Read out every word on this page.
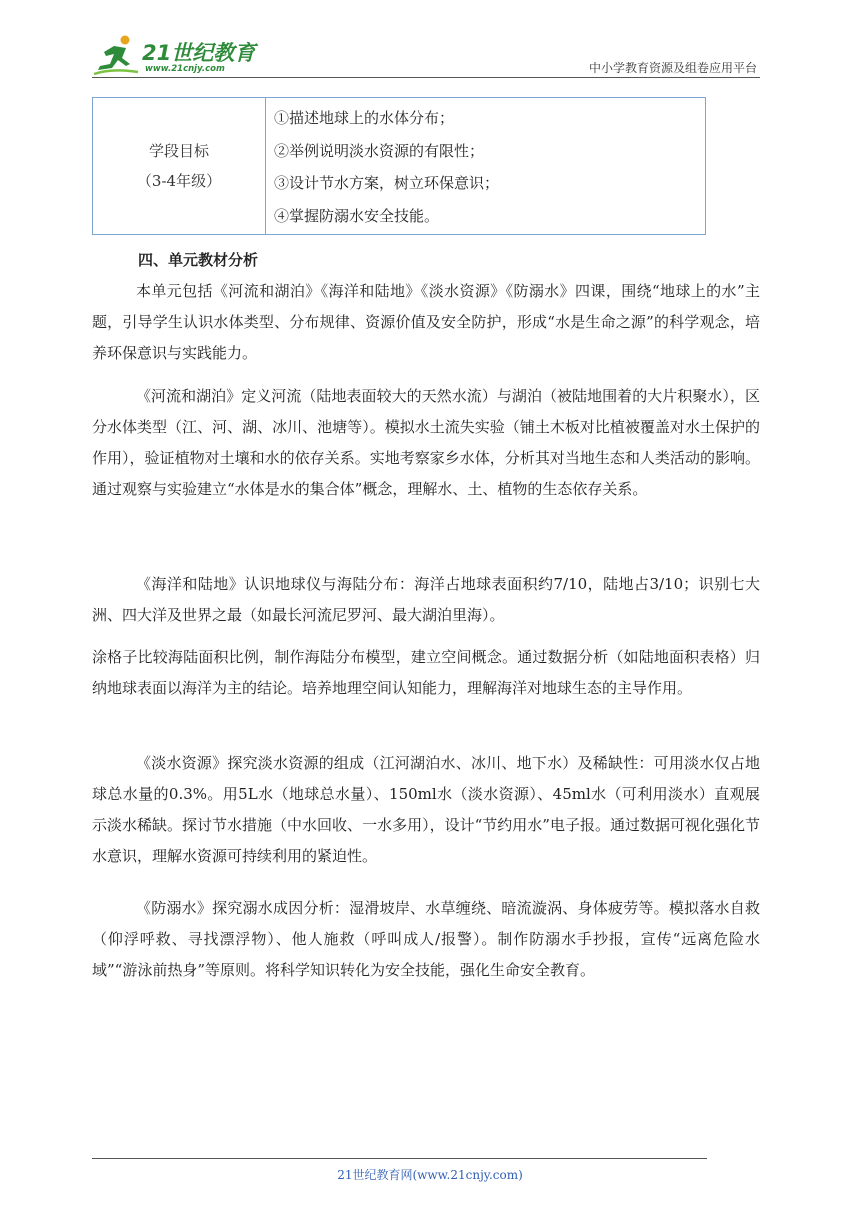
21世纪教育
www.21cnjy.com	中小学教育资源及组卷应用平台
学段目标
（3-4年级）
①描述地球上的水体分布；
②举例说明淡水资源的有限性；
③设计节水方案，树立环保意识；
④掌握防溺水安全技能。
四、单元教材分析

本单元包括《河流和湖泊》《海洋和陆地》《淡水资源》《防溺水》四课，围绕“地球上的水”主题，引导学生认识水体类型、分布规律、资源价值及安全防护，形成“水是生命之源”的科学观念，培养环保意识与实践能力。

《河流和湖泊》定义河流（陆地表面较大的天然水流）与湖泊（被陆地围着的大片积聚水），区分水体类型（江、河、湖、冰川、池塘等）。模拟水土流失实验（铺土木板对比植被覆盖对水土保护的作用），验证植物对土壤和水的依存关系。实地考察家乡水体，分析其对当地生态和人类活动的影响。通过观察与实验建立“水体是水的集合体”概念，理解水、土、植物的生态依存关系。

《海洋和陆地》认识地球仪与海陆分布：海洋占地球表面积约7/10，陆地占3/10；识别七大洲、四大洋及世界之最（如最长河流尼罗河、最大湖泊里海）。

涂格子比较海陆面积比例，制作海陆分布模型，建立空间概念。通过数据分析（如陆地面积表格）归纳地球表面以海洋为主的结论。培养地理空间认知能力，理解海洋对地球生态的主导作用。

《淡水资源》探究淡水资源的组成（江河湖泊水、冰川、地下水）及稀缺性：可用淡水仅占地球总水量的0.3%。用5L水（地球总水量）、150ml水（淡水资源）、45ml水（可利用淡水）直观展示淡水稀缺。探讨节水措施（中水回收、一水多用），设计“节约用水”电子报。通过数据可视化强化节水意识，理解水资源可持续利用的紧迫性。

《防溺水》探究溺水成因分析：湿滑坡岸、水草缠绕、暗流漩涡、身体疲劳等。模拟落水自救（仰浮呼救、寻找漂浮物）、他人施救（呼叫成人/报警）。制作防溺水手抄报，宣传“远离危险水域”“游泳前热身”等原则。将科学知识转化为安全技能，强化生命安全教育。

21世纪教育网(www.21cnjy.com)
